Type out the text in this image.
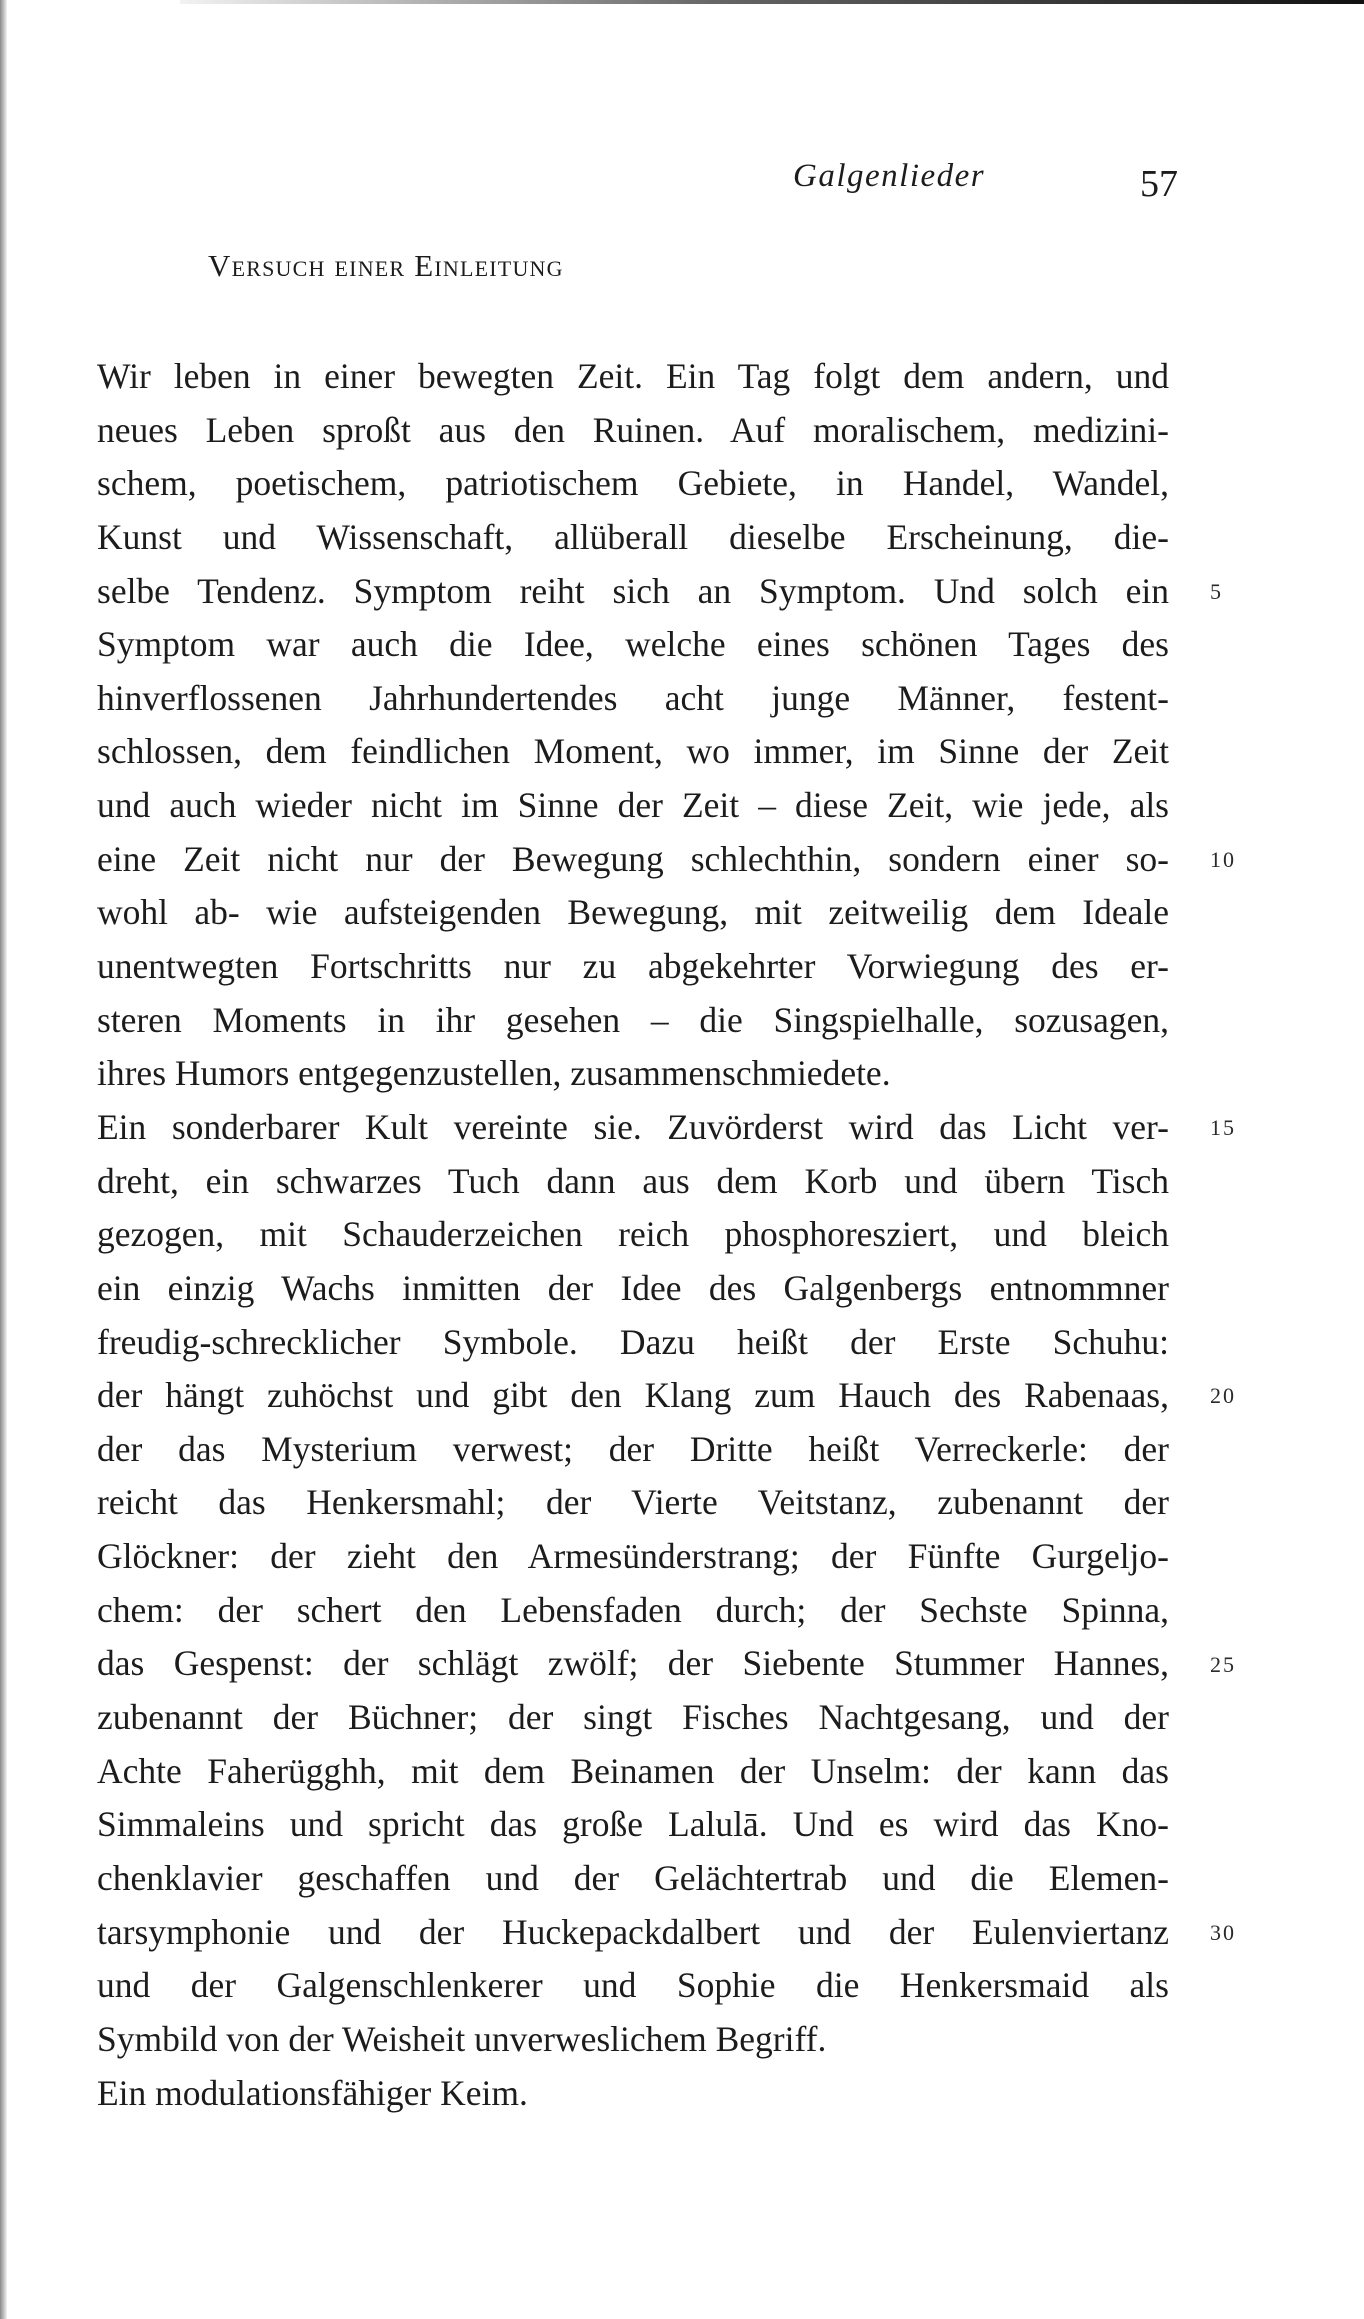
Galgenlieder	57
Versuch einer Einleitung
Wir leben in einer bewegten Zeit. Ein Tag folgt dem andern, und
neues Leben sproßt aus den Ruinen. Auf moralischem, medizini-
schem, poetischem, patriotischem Gebiete, in Handel, Wandel,
Kunst und Wissenschaft, allüberall dieselbe Erscheinung, die-
selbe Tendenz. Symptom reiht sich an Symptom. Und solch ein
Symptom war auch die Idee, welche eines schönen Tages des
hinverflossenen Jahrhundertendes acht junge Männer, festent-
schlossen, dem feindlichen Moment, wo immer, im Sinne der Zeit
und auch wieder nicht im Sinne der Zeit – diese Zeit, wie jede, als
eine Zeit nicht nur der Bewegung schlechthin, sondern einer so-
wohl ab- wie aufsteigenden Bewegung, mit zeitweilig dem Ideale
unentwegten Fortschritts nur zu abgekehrter Vorwiegung des er-
steren Moments in ihr gesehen – die Singspielhalle, sozusagen,
ihres Humors entgegenzustellen, zusammenschmiedete.
Ein sonderbarer Kult vereinte sie. Zuvörderst wird das Licht ver-
dreht, ein schwarzes Tuch dann aus dem Korb und übern Tisch
gezogen, mit Schauderzeichen reich phosphoresziert, und bleich
ein einzig Wachs inmitten der Idee des Galgenbergs entnommner
freudig-schrecklicher Symbole. Dazu heißt der Erste Schuhu:
der hängt zuhöchst und gibt den Klang zum Hauch des Rabenaas,
der das Mysterium verwest; der Dritte heißt Verreckerle: der
reicht das Henkersmahl; der Vierte Veitstanz, zubenannt der
Glöckner: der zieht den Armesünderstrang; der Fünfte Gurgeljo-
chem: der schert den Lebensfaden durch; der Sechste Spinna,
das Gespenst: der schlägt zwölf; der Siebente Stummer Hannes,
zubenannt der Büchner; der singt Fisches Nachtgesang, und der
Achte Faherügghh, mit dem Beinamen der Unselm: der kann das
Simmaleins und spricht das große Lalulā. Und es wird das Kno-
chenklavier geschaffen und der Gelächtertrab und die Elemen-
tarsymphonie und der Huckepackdalbert und der Eulenviertanz
und der Galgenschlenkerer und Sophie die Henkersmaid als
Symbild von der Weisheit unverweslichem Begriff.
Ein modulationsfähiger Keim.
5
10
15
20
25
30
